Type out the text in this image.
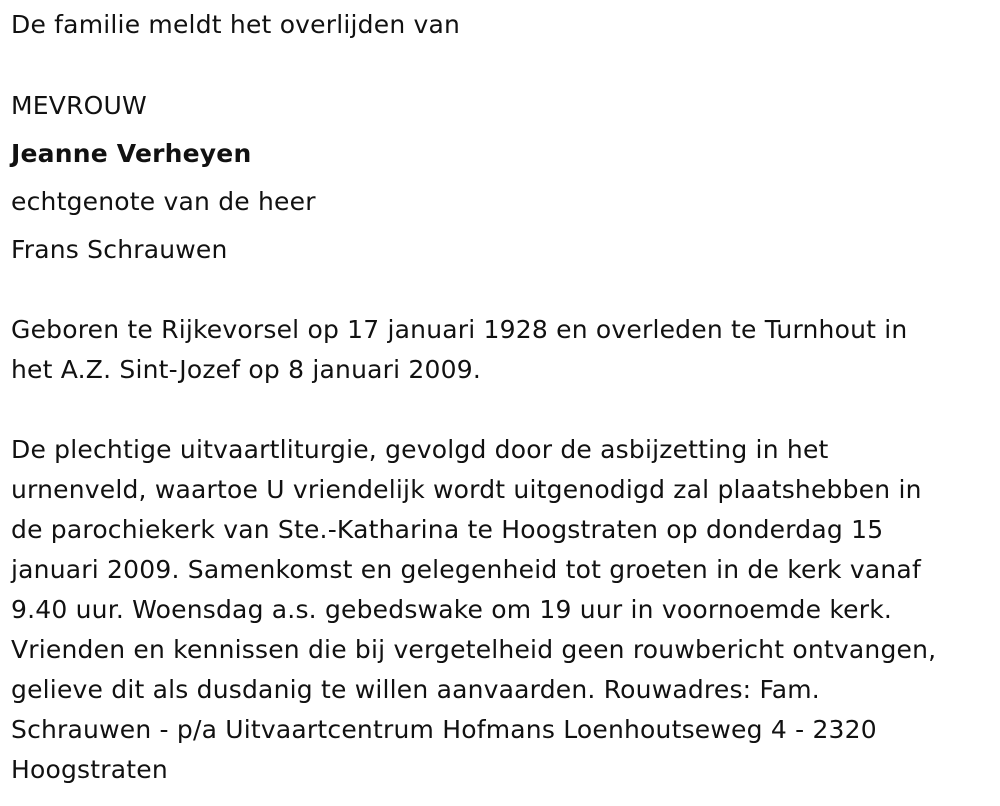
De familie meldt het overlijden van
MEVROUW
Jeanne Verheyen
echtgenote van de heer
Frans Schrauwen
Geboren te Rijkevorsel op 17 januari 1928 en overleden te Turnhout in
het A.Z. Sint-Jozef op 8 januari 2009.
De plechtige uitvaartliturgie, gevolgd door de asbijzetting in het
urnenveld, waartoe U vriendelijk wordt uitgenodigd zal plaatshebben in
de parochiekerk van Ste.-Katharina te Hoogstraten op donderdag 15
januari 2009. Samenkomst en gelegenheid tot groeten in de kerk vanaf
9.40 uur. Woensdag a.s. gebedswake om 19 uur in voornoemde kerk.
Vrienden en kennissen die bij vergetelheid geen rouwbericht ontvangen,
gelieve dit als dusdanig te willen aanvaarden. Rouwadres: Fam.
Schrauwen - p/a Uitvaartcentrum Hofmans Loenhoutseweg 4 - 2320
Hoogstraten
